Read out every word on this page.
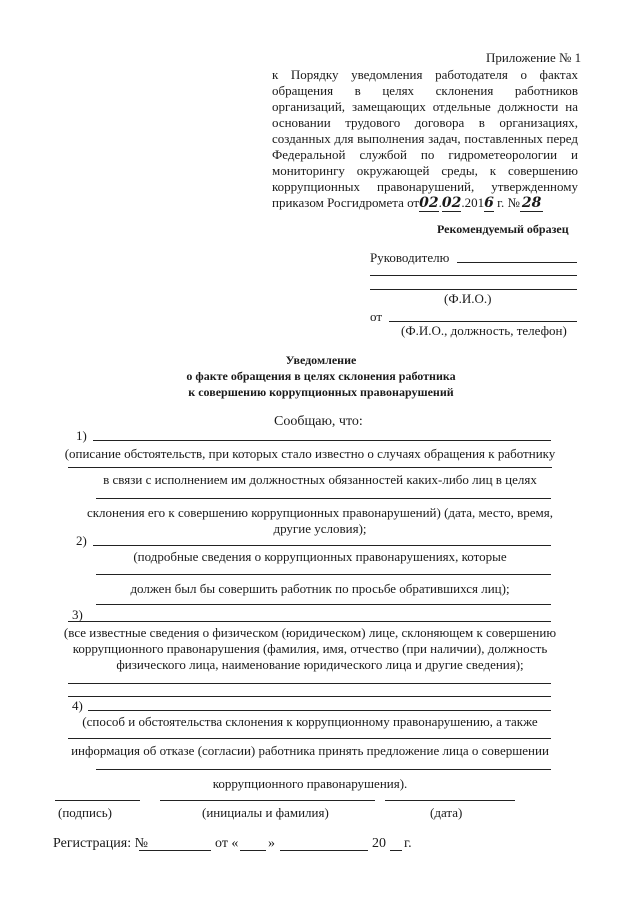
Приложение № 1
к Порядку уведомления работодателя о фактах
обращения в целях склонения работников
организаций, замещающих отдельные должности на
основании трудового договора в организациях,
созданных для выполнения задач, поставленных перед
Федеральной службой по гидрометеорологии и
мониторингу окружающей среды, к совершению
коррупционных правонарушений, утвержденному
приказом Росгидромета от02.02.2016 г. № 28
Рекомендуемый образец
Руководителю
(Ф.И.О.)
от
(Ф.И.О., должность, телефон)
Уведомление
о факте обращения в целях склонения работника
к совершению коррупционных правонарушений
Сообщаю, что:
1)
(описание обстоятельств, при которых стало известно о случаях обращения к работнику
в связи с исполнением им должностных обязанностей каких-либо лиц в целях
склонения его к совершению коррупционных правонарушений) (дата, место, время,
другие условия);
2)
(подробные сведения о коррупционных правонарушениях, которые
должен был бы совершить работник по просьбе обратившихся лиц);
3)
(все известные сведения о физическом (юридическом) лице, склоняющем к совершению
коррупционного правонарушения (фамилия, имя, отчество (при наличии), должность
физического лица, наименование юридического лица и другие сведения);
4)
(способ и обстоятельства склонения к коррупционному правонарушению, а также
информация об отказе (согласии) работника принять предложение лица о совершении
коррупционного правонарушения).
(подпись)	(инициалы и фамилия)	(дата)
Регистрация: №	от « »	20 г.
